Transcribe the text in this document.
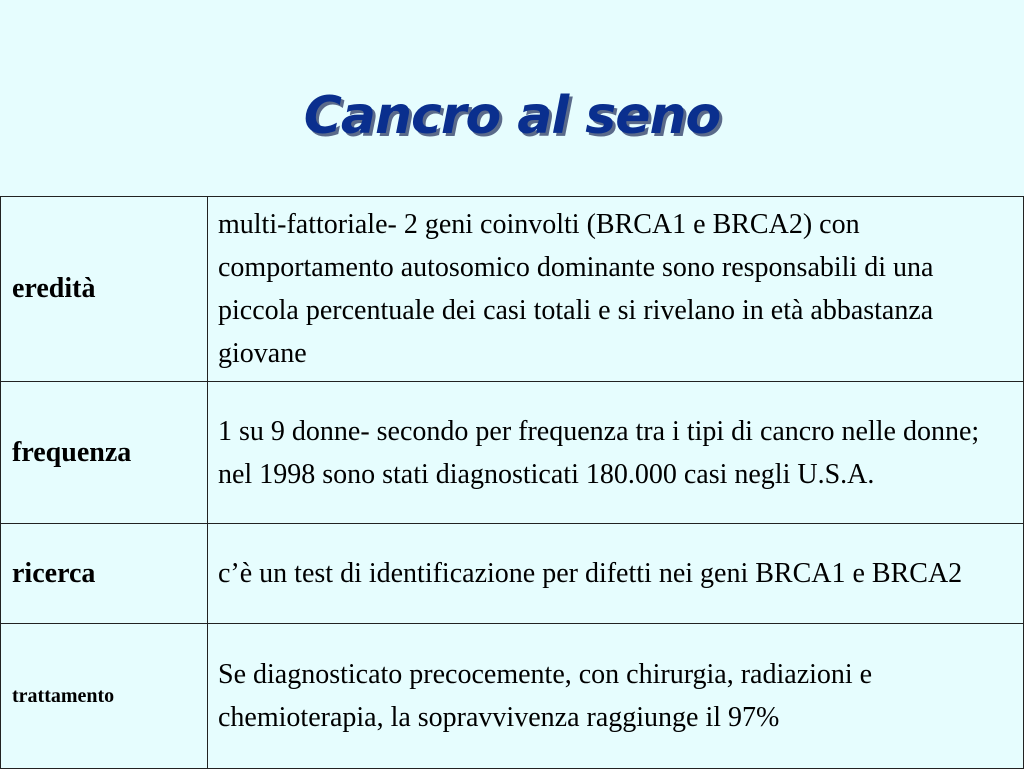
Cancro al seno
eredità	multi-fattoriale- 2 geni coinvolti (BRCA1 e BRCA2) con comportamento autosomico dominante sono responsabili di una piccola percentuale dei casi totali e si rivelano in età abbastanza giovane
frequenza	1 su 9 donne- secondo per frequenza tra i tipi di cancro nelle donne; nel 1998 sono stati diagnosticati 180.000 casi negli U.S.A.
ricerca	c’è un test di identificazione per difetti nei geni BRCA1 e BRCA2
trattamento	Se diagnosticato precocemente, con chirurgia, radiazioni e chemioterapia, la sopravvivenza raggiunge il 97%
